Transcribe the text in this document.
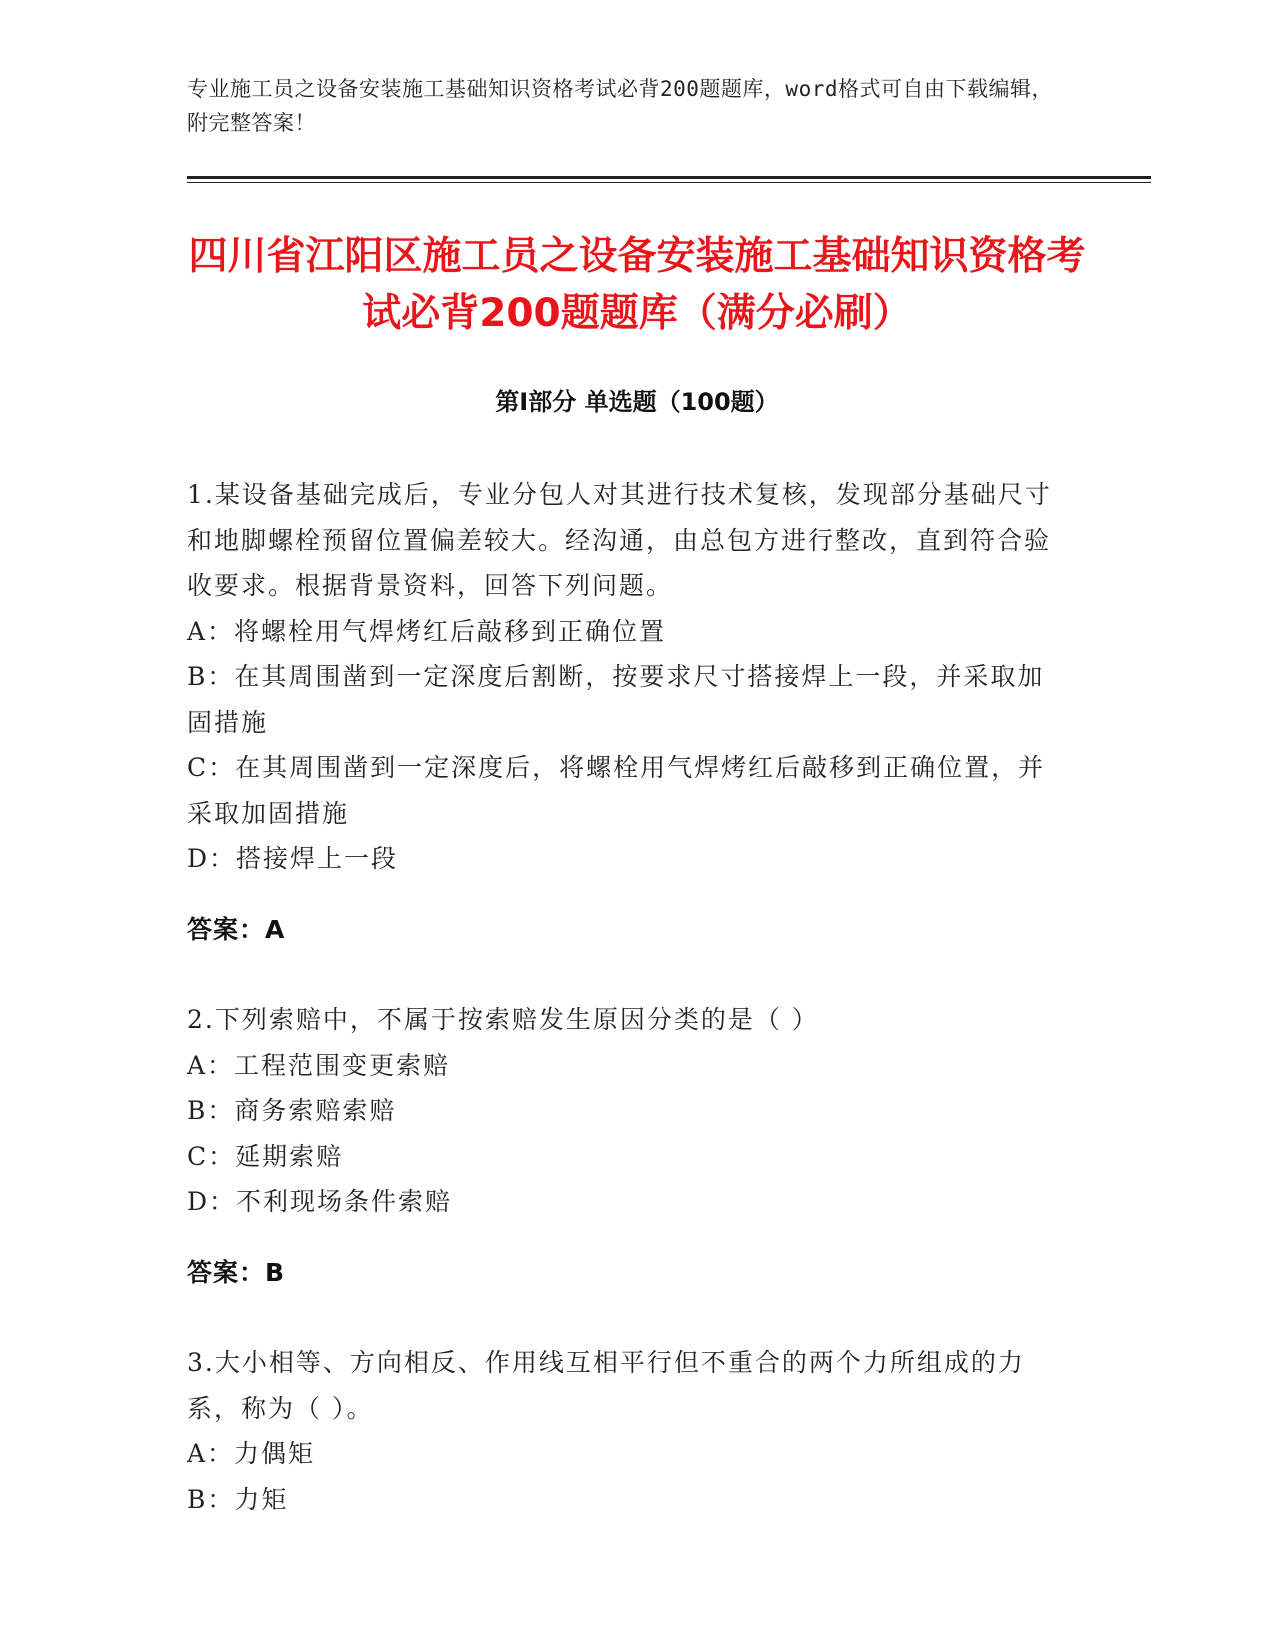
专业施工员之设备安装施工基础知识资格考试必背200题题库，word格式可自由下载编辑，附完整答案！
四川省江阳区施工员之设备安装施工基础知识资格考试必背200题题库（满分必刷）
第Ⅰ部分 单选题（100题）

1.某设备基础完成后，专业分包人对其进行技术复核，发现部分基础尺寸和地脚螺栓预留位置偏差较大。经沟通，由总包方进行整改，直到符合验收要求。根据背景资料，回答下列问题。

A：将螺栓用气焊烤红后敲移到正确位置

B：在其周围凿到一定深度后割断，按要求尺寸搭接焊上一段，并采取加固措施

C：在其周围凿到一定深度后，将螺栓用气焊烤红后敲移到正确位置，并采取加固措施

D：搭接焊上一段

答案：A

2.下列索赔中，不属于按索赔发生原因分类的是（ ）

A：工程范围变更索赔

B：商务索赔索赔

C：延期索赔

D：不利现场条件索赔

答案：B

3.大小相等、方向相反、作用线互相平行但不重合的两个力所组成的力系，称为（ ）。

A：力偶矩

B：力矩
